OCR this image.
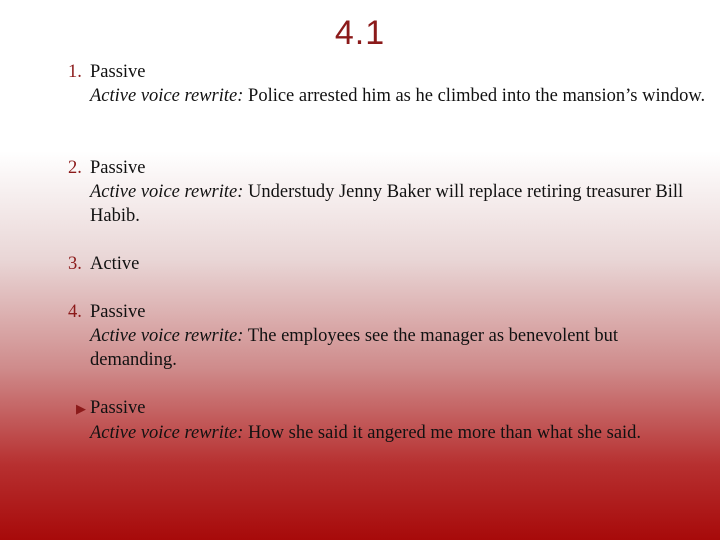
4.1
1. Passive
Active voice rewrite: Police arrested him as he climbed into the mansion’s window.
2. Passive
Active voice rewrite: Understudy Jenny Baker will replace retiring treasurer Bill Habib.
3. Active
4. Passive
Active voice rewrite: The employees see the manager as benevolent but demanding.
▶ Passive
Active voice rewrite: How she said it angered me more than what she said.
